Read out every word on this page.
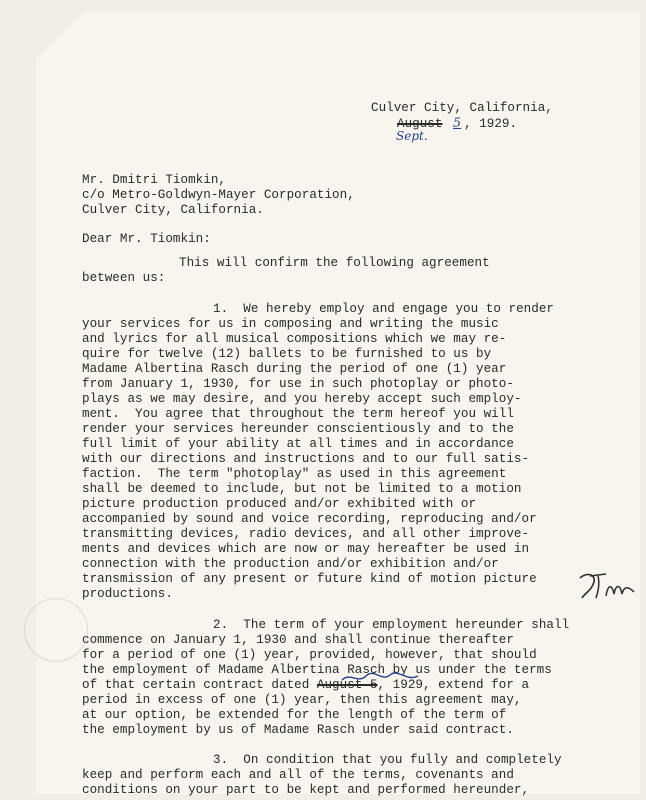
Culver City, California,
August 5 , 1929.
Sept.
Mr. Dmitri Tiomkin,
c/o Metro-Goldwyn-Mayer Corporation,
Culver City, California.
Dear Mr. Tiomkin:
This will confirm the following agreement
between us:
1.  We hereby employ and engage you to render
your services for us in composing and writing the music
and lyrics for all musical compositions which we may re-
quire for twelve (12) ballets to be furnished to us by
Madame Albertina Rasch during the period of one (1) year
from January 1, 1930, for use in such photoplay or photo-
plays as we may desire, and you hereby accept such employ-
ment.  You agree that throughout the term hereof you will
render your services hereunder conscientiously and to the
full limit of your ability at all times and in accordance
with our directions and instructions and to our full satis-
faction.  The term "photoplay" as used in this agreement
shall be deemed to include, but not be limited to a motion
picture production produced and/or exhibited with or
accompanied by sound and voice recording, reproducing and/or
transmitting devices, radio devices, and all other improve-
ments and devices which are now or may hereafter be used in
connection with the production and/or exhibition and/or
transmission of any present or future kind of motion picture
productions.
2.  The term of your employment hereunder shall
commence on January 1, 1930 and shall continue thereafter
for a period of one (1) year, provided, however, that should
the employment of Madame Albertina Rasch by us under the terms
of that certain contract dated August 5, 1929, extend for a
period in excess of one (1) year, then this agreement may,
at our option, be extended for the length of the term of
the employment by us of Madame Rasch under said contract.
3.  On condition that you fully and completely
keep and perform each and all of the terms, covenants and
conditions on your part to be kept and performed hereunder,
